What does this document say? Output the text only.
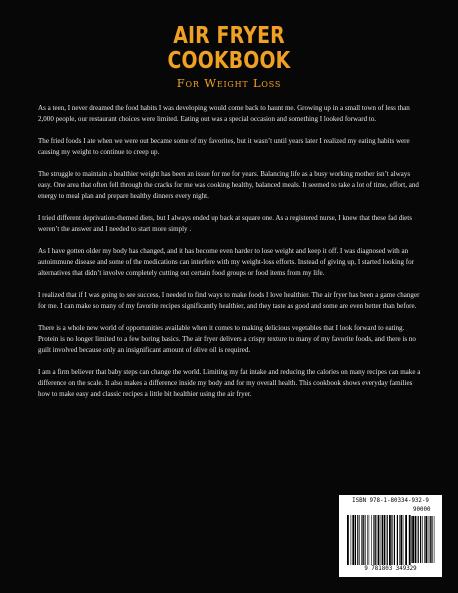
AIR FRYER
COOKBOOK
For Weight Loss

As a teen, I never dreamed the food habits I was developing would come back to haunt me. Growing up in a small town of less than 2,000 people, our restaurant choices were limited. Eating out was a special occasion and something I looked forward to.

The fried foods I ate when we were out became some of my favorites, but it wasn’t until years later I realized my eating habits were causing my weight to continue to creep up.

The struggle to maintain a healthier weight has been an issue for me for years. Balancing life as a busy working mother isn’t always easy. One area that often fell through the cracks for me was cooking healthy, balanced meals. It seemed to take a lot of time, effort, and energy to meal plan and prepare healthy dinners every night.

I tried different deprivation-themed diets, but I always ended up back at square one. As a registered nurse, I knew that these fad diets weren’t the answer and I needed to start more simply .

As I have gotten older my body has changed, and it has become even harder to lose weight and keep it off. I was diagnosed with an autoimmune disease and some of the medications can interfere with my weight-loss efforts. Instead of giving up, I started looking for alternatives that didn’t involve completely cutting out certain food groups or food items from my life.

I realized that if I was going to see success, I needed to find ways to make foods I love healthier. The air fryer has been a game changer for me. I can make so many of my favorite recipes significantly healthier, and they taste as good and some are even better than before.

There is a whole new world of opportunities available when it comes to making delicious vegetables that I look forward to eating. Protein is no longer limited to a few boring basics. The air fryer delivers a crispy texture to many of my favorite foods, and there is no guilt involved because only an insignificant amount of olive oil is required.

I am a firm believer that baby steps can change the world. Limiting my fat intake and reducing the calories on many recipes can make a difference on the scale. It also makes a difference inside my body and for my overall health. This cookbook shows everyday families how to make easy and classic recipes a little bit healthier using the air fryer.

ISBN 978-1-80334-932-9
90000
9 781803 349329
